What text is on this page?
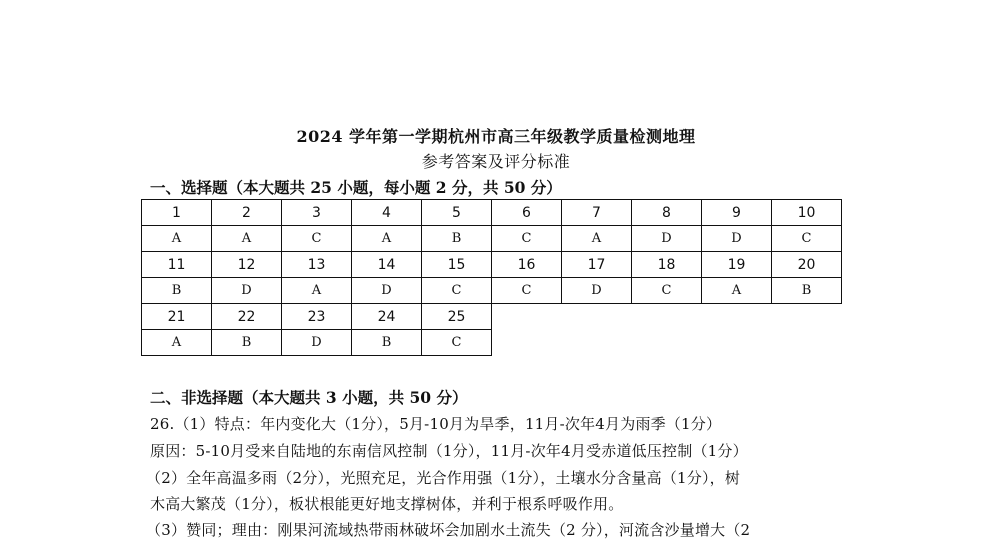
2024 学年第一学期杭州市高三年级教学质量检测地理
参考答案及评分标准
一、选择题（本大题共 25 小题，每小题 2 分，共 50 分）
1	2	3	4	5	6	7	8	9	10
A	A	C	A	B	C	A	D	D	C
11	12	13	14	15	16	17	18	19	20
B	D	A	D	C	C	D	C	A	B
21	22	23	24	25					
A	B	D	B	C					
二、非选择题（本大题共 3 小题，共 50 分）
26.（1）特点：年内变化大（1分），5月-10月为旱季，11月-次年4月为雨季（1分）
原因：5-10月受来自陆地的东南信风控制（1分），11月-次年4月受赤道低压控制（1分）
（2）全年高温多雨（2分），光照充足，光合作用强（1分），土壤水分含量高（1分），树
木高大繁茂（1分），板状根能更好地支撑树体，并利于根系呼吸作用。
（3）赞同；理由：刚果河流域热带雨林破坏会加剧水土流失（2 分），河流含沙量增大（2
